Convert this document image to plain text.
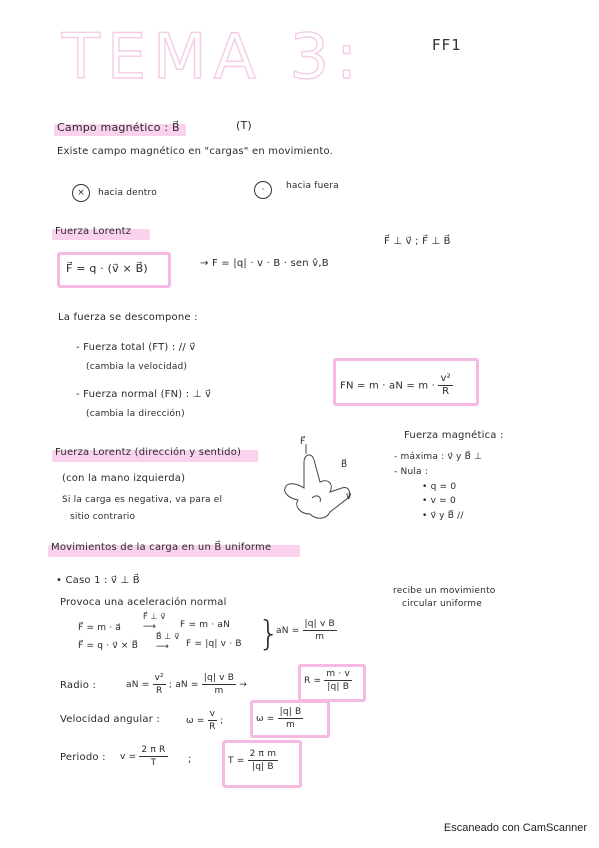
TEMA 3:	FF1
Campo magnético : B⃗	(T)
Existe campo magnético en "cargas" en movimiento.
×	hacia dentro	·	hacia fuera
Fuerza Lorentz
F⃗ = q · (v⃗ × B⃗)	→ F = |q| · v · B · sen v̂,B
F⃗ ⊥ v⃗ ; F⃗ ⊥ B⃗
La fuerza se descompone :
- Fuerza total (FT) : // v⃗
(cambia la velocidad)
- Fuerza normal (FN) : ⊥ v⃗
(cambia la dirección)
FN = m · aN = $m \cdot \frac{\text{v²}}{R}$
Fuerza Lorentz (dirección y sentido)
(con la mano izquierda)
Si la carga es negativa, va para el
sitio contrario
F⃗
B⃗
v⃗
Fuerza magnética :
- máxima : v⃗ y B⃗ ⊥
- Nula :
• q = 0
• v = 0
• v⃗ y B⃗ //
Movimientos de la carga en un B⃗ uniforme
• Caso 1 : v⃗ ⊥ B⃗
Provoca una aceleración normal
recibe un movimiento
circular uniforme
F⃗ = m · a⃗
F⃗ ⊥ v⃗
⟶	F = m · aN
F⃗ = q · v⃗ × B⃗
B⃗ ⊥ v⃗
⟶ F = |q| v · B }
aN = $\frac{\text{|q| v B}}{m}$
Radio :	aN = $\frac{\text{v²}}{R}$ ; aN = $\frac{\text{|q| v B}}{m}$ →	$R = \frac{m \cdot v}{|q| B}$
Velocidad angular :	$\omega = \frac{v}{R}$ ;	$\omega = \frac{|q| B}{m}$
Periodo : $v = \frac{\text{2 π R}}{T}$ ;	$T = \frac{\text{2 π m}}{|q| B}$
Escaneado con CamScanner
